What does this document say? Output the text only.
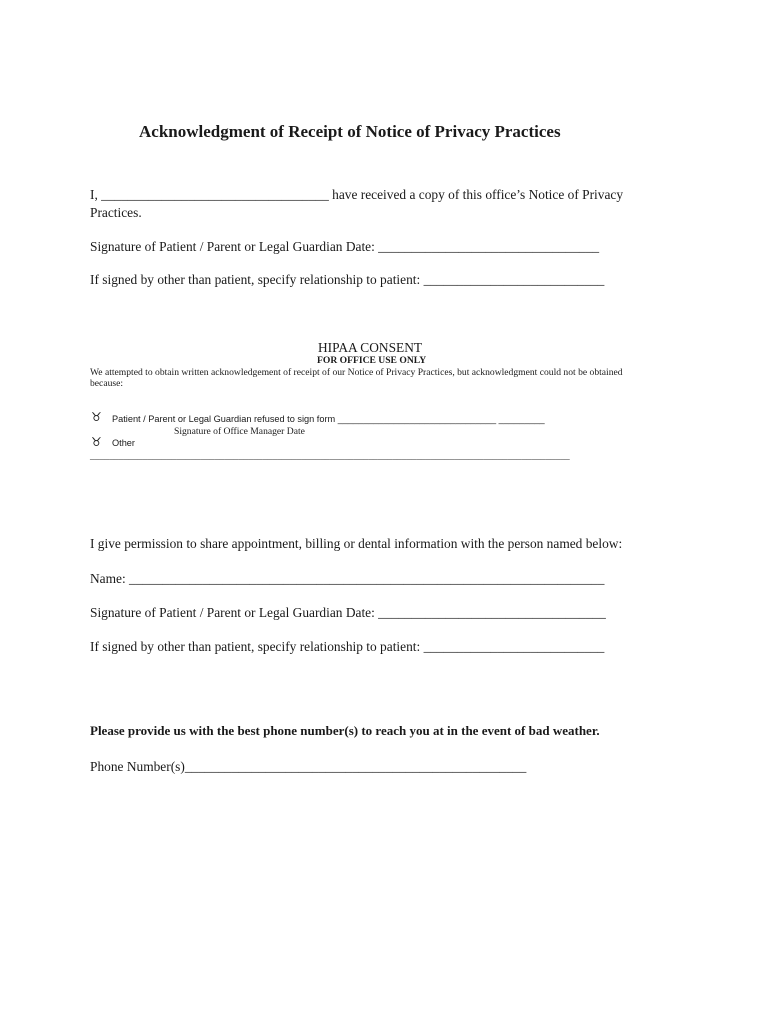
Acknowledgment of Receipt of Notice of Privacy Practices
I, __________________________________ have received a copy of this office’s Notice of Privacy
Practices.
Signature of Patient / Parent or Legal Guardian Date: _________________________________
If signed by other than patient, specify relationship to patient: ___________________________
HIPAA CONSENT
FOR OFFICE USE ONLY
We attempted to obtain written acknowledgement of receipt of our Notice of Privacy Practices, but acknowledgment could not be obtained
because:
♉ Patient / Parent or Legal Guardian refused to sign form _______________________________ _________
Signature of Office Manager Date
♉ Other
____________________________________________________________________________________________________
I give permission to share appointment, billing or dental information with the person named below:
Name: _______________________________________________________________________
Signature of Patient / Parent or Legal Guardian Date: __________________________________
If signed by other than patient, specify relationship to patient: ___________________________
Please provide us with the best phone number(s) to reach you at in the event of bad weather.
Phone Number(s)___________________________________________________
